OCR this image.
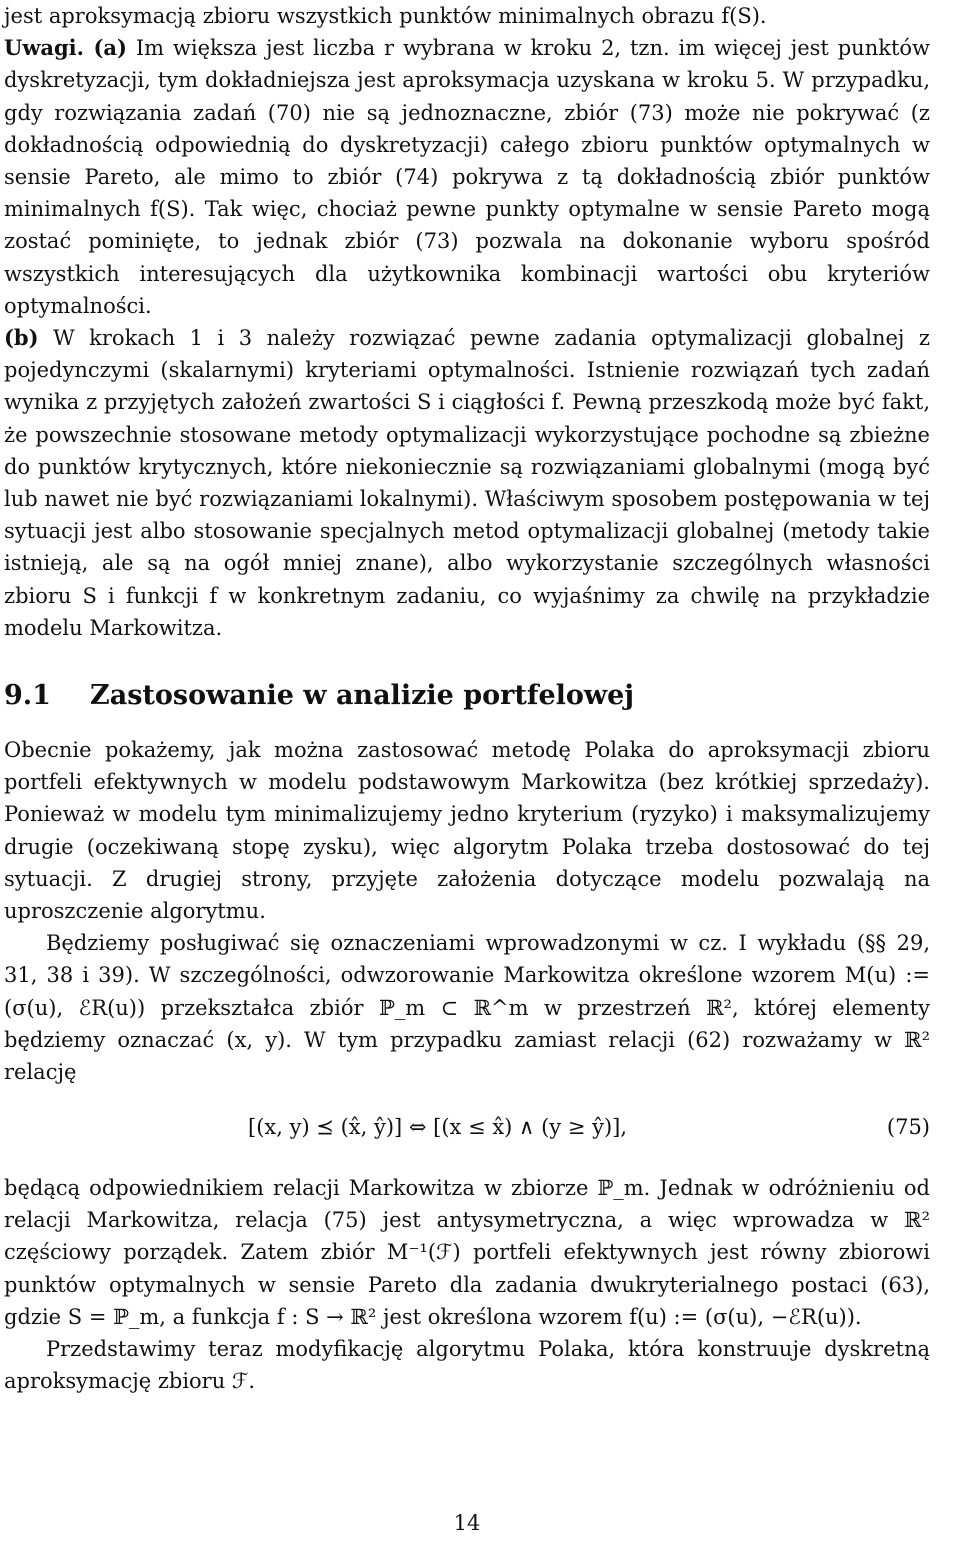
jest aproksymacją zbioru wszystkich punktów minimalnych obrazu f(S).

Uwagi. (a) Im większa jest liczba r wybrana w kroku 2, tzn. im więcej jest punktów dyskretyzacji, tym dokładniejsza jest aproksymacja uzyskana w kroku 5. W przypadku, gdy rozwiązania zadań (70) nie są jednoznaczne, zbiór (73) może nie pokrywać (z dokładnością odpowiednią do dyskretyzacji) całego zbioru punktów optymalnych w sensie Pareto, ale mimo to zbiór (74) pokrywa z tą dokładnością zbiór punktów minimalnych f(S). Tak więc, chociaż pewne punkty optymalne w sensie Pareto mogą zostać pominięte, to jednak zbiór (73) pozwala na dokonanie wyboru spośród wszystkich interesujących dla użytkownika kombinacji wartości obu kryteriów optymalności.

(b) W krokach 1 i 3 należy rozwiązać pewne zadania optymalizacji globalnej z pojedynczymi (skalarnymi) kryteriami optymalności. Istnienie rozwiązań tych zadań wynika z przyjętych założeń zwartości S i ciągłości f. Pewną przeszkodą może być fakt, że powszechnie stosowane metody optymalizacji wykorzystujące pochodne są zbieżne do punktów krytycznych, które niekoniecznie są rozwiązaniami globalnymi (mogą być lub nawet nie być rozwiązaniami lokalnymi). Właściwym sposobem postępowania w tej sytuacji jest albo stosowanie specjalnych metod optymalizacji globalnej (metody takie istnieją, ale są na ogół mniej znane), albo wykorzystanie szczególnych własności zbioru S i funkcji f w konkretnym zadaniu, co wyjaśnimy za chwilę na przykładzie modelu Markowitza.

9.1 Zastosowanie w analizie portfelowej

Obecnie pokażemy, jak można zastosować metodę Polaka do aproksymacji zbioru portfeli efektywnych w modelu podstawowym Markowitza (bez krótkiej sprzedaży). Ponieważ w modelu tym minimalizujemy jedno kryterium (ryzyko) i maksymalizujemy drugie (oczekiwaną stopę zysku), więc algorytm Polaka trzeba dostosować do tej sytuacji. Z drugiej strony, przyjęte założenia dotyczące modelu pozwalają na uproszczenie algorytmu.

Będziemy posługiwać się oznaczeniami wprowadzonymi w cz. I wykładu (§§ 29, 31, 38 i 39). W szczególności, odwzorowanie Markowitza określone wzorem M(u) := (σ(u), ℰR(u)) przekształca zbiór ℙ_m ⊂ ℝ^m w przestrzeń ℝ², której elementy będziemy oznaczać (x, y). W tym przypadku zamiast relacji (62) rozważamy w ℝ² relację

[(x, y) ⪯ (x̂, ŷ)] ⇔ [(x ≤ x̂) ∧ (y ≥ ŷ)],	(75)

będącą odpowiednikiem relacji Markowitza w zbiorze ℙ_m. Jednak w odróżnieniu od relacji Markowitza, relacja (75) jest antysymetryczna, a więc wprowadza w ℝ² częściowy porządek. Zatem zbiór M⁻¹(ℱ) portfeli efektywnych jest równy zbiorowi punktów optymalnych w sensie Pareto dla zadania dwukryterialnego postaci (63), gdzie S = ℙ_m, a funkcja f : S → ℝ² jest określona wzorem f(u) := (σ(u), −ℰR(u)).

Przedstawimy teraz modyfikację algorytmu Polaka, która konstruuje dyskretną aproksymację zbioru ℱ.

14
